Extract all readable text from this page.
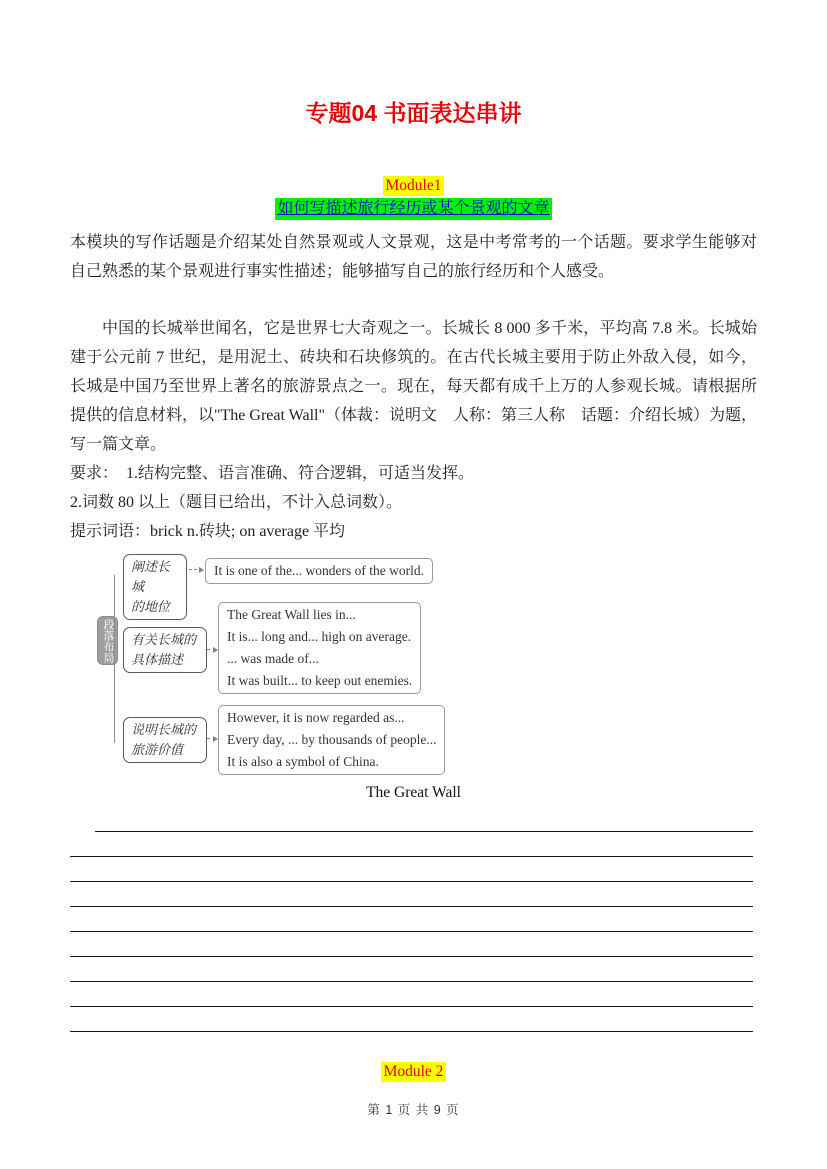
专题04 书面表达串讲
Module1
如何写描述旅行经历或某个景观的文章

本模块的写作话题是介绍某处自然景观或人文景观，这是中考常考的一个话题。要求学生能够对自己熟悉的某个景观进行事实性描述；能够描写自己的旅行经历和个人感受。

中国的长城举世闻名，它是世界七大奇观之一。长城长 8 000 多千米，平均高 7.8 米。长城始建于公元前 7 世纪，是用泥土、砖块和石块修筑的。在古代长城主要用于防止外敌入侵，如今，长城是中国乃至世界上著名的旅游景点之一。现在，每天都有成千上万的人参观长城。请根据所提供的信息材料，以"The Great Wall"（体裁：说明文　人称：第三人称　话题：介绍长城）为题，写一篇文章。

要求：　1.结构完整、语言准确、符合逻辑，可适当发挥。
2.词数 80 以上（题目已给出，不计入总词数）。
提示词语：brick n.砖块; on average 平均
段落布局
阐述长城
的地位
It is one of the... wonders of the world.
有关长城的
具体描述
The Great Wall lies in...
It is... long and... high on average.
... was made of...
It was built... to keep out enemies.
说明长城的
旅游价值
However, it is now regarded as...
Every day, ... by thousands of people...
It is also a symbol of China.
The Great Wall
Module 2
第 1 页 共 9 页
